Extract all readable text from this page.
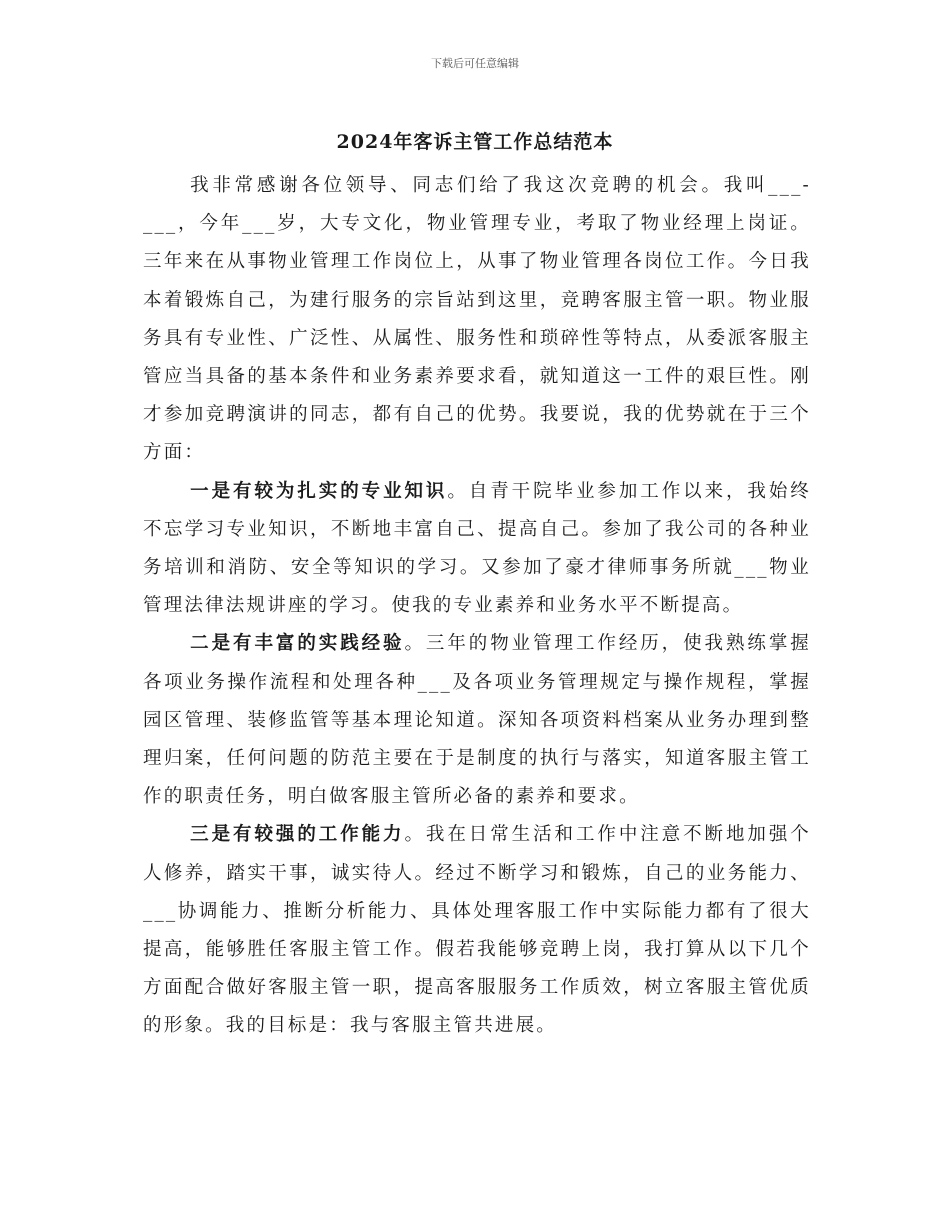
下载后可任意编辑
2024年客诉主管工作总结范本

我非常感谢各位领导、同志们给了我这次竞聘的机会。我叫___-___，今年___岁，大专文化，物业管理专业，考取了物业经理上岗证。三年来在从事物业管理工作岗位上，从事了物业管理各岗位工作。今日我本着锻炼自己，为建行服务的宗旨站到这里，竞聘客服主管一职。物业服务具有专业性、广泛性、从属性、服务性和琐碎性等特点，从委派客服主管应当具备的基本条件和业务素养要求看，就知道这一工件的艰巨性。刚才参加竞聘演讲的同志，都有自己的优势。我要说，我的优势就在于三个方面：

一是有较为扎实的专业知识。自青干院毕业参加工作以来，我始终不忘学习专业知识，不断地丰富自己、提高自己。参加了我公司的各种业务培训和消防、安全等知识的学习。又参加了豪才律师事务所就___物业管理法律法规讲座的学习。使我的专业素养和业务水平不断提高。

二是有丰富的实践经验。三年的物业管理工作经历，使我熟练掌握各项业务操作流程和处理各种___及各项业务管理规定与操作规程，掌握园区管理、装修监管等基本理论知道。深知各项资料档案从业务办理到整理归案，任何问题的防范主要在于是制度的执行与落实，知道客服主管工作的职责任务，明白做客服主管所必备的素养和要求。

三是有较强的工作能力。我在日常生活和工作中注意不断地加强个人修养，踏实干事，诚实待人。经过不断学习和锻炼，自己的业务能力、___协调能力、推断分析能力、具体处理客服工作中实际能力都有了很大提高，能够胜任客服主管工作。假若我能够竞聘上岗，我打算从以下几个方面配合做好客服主管一职，提高客服服务工作质效，树立客服主管优质的形象。我的目标是：我与客服主管共进展。
